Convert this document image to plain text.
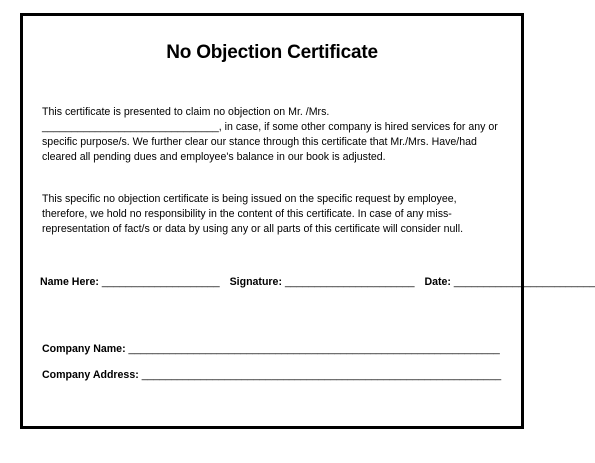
No Objection Certificate

This certificate is presented to claim no objection on Mr. /Mrs. ______________________________, in case, if some other company is hired services for any or specific purpose/s. We further clear our stance through this certificate that Mr./Mrs. Have/had cleared all pending dues and employee's balance in our book is adjusted.

This specific no objection certificate is being issued on the specific request by employee, therefore, we hold no responsibility in the content of this certificate. In case of any miss-representation of fact/s or data by using any or all parts of this certificate will consider null.

Name Here: ____________________ Signature: ______________________ Date: ________________________
Company Name: _______________________________________________________________
Company Address: _____________________________________________________________
